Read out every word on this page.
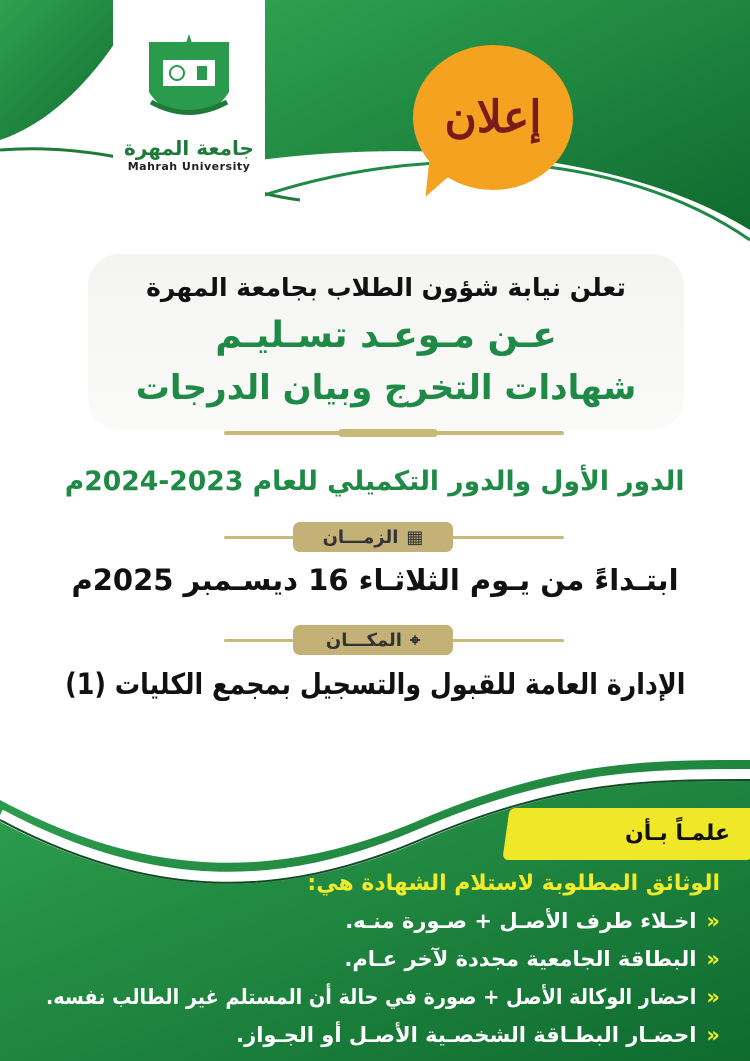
جامعة المهرة
Mahrah University
إعلان
تعلن نيابة شؤون الطلاب بجامعة المهرة
عـن مـوعـد تسـليـم
شهادات التخرج وبيان الدرجات
الدور الأول والدور التكميلي للعام 2023-2024م
▦
الزمـــان
ابتـداءً من يـوم الثلاثـاء 16 ديسـمبر 2025م
⌖
المكـــان
الإدارة العامة للقبول والتسجيل بمجمع الكليات (1)
علمـاً بـأن
الوثائق المطلوبة لاستلام الشهادة هي:
«
اخـلاء طرف الأصـل + صـورة منـه.
«
البطاقة الجامعية مجددة لآخر عـام.
«
احضار الوكالة الأصل + صورة في حالة أن المستلم غير الطالب نفسه.
«
احضـار البطـاقة الشخصـية الأصـل أو الجـواز.
